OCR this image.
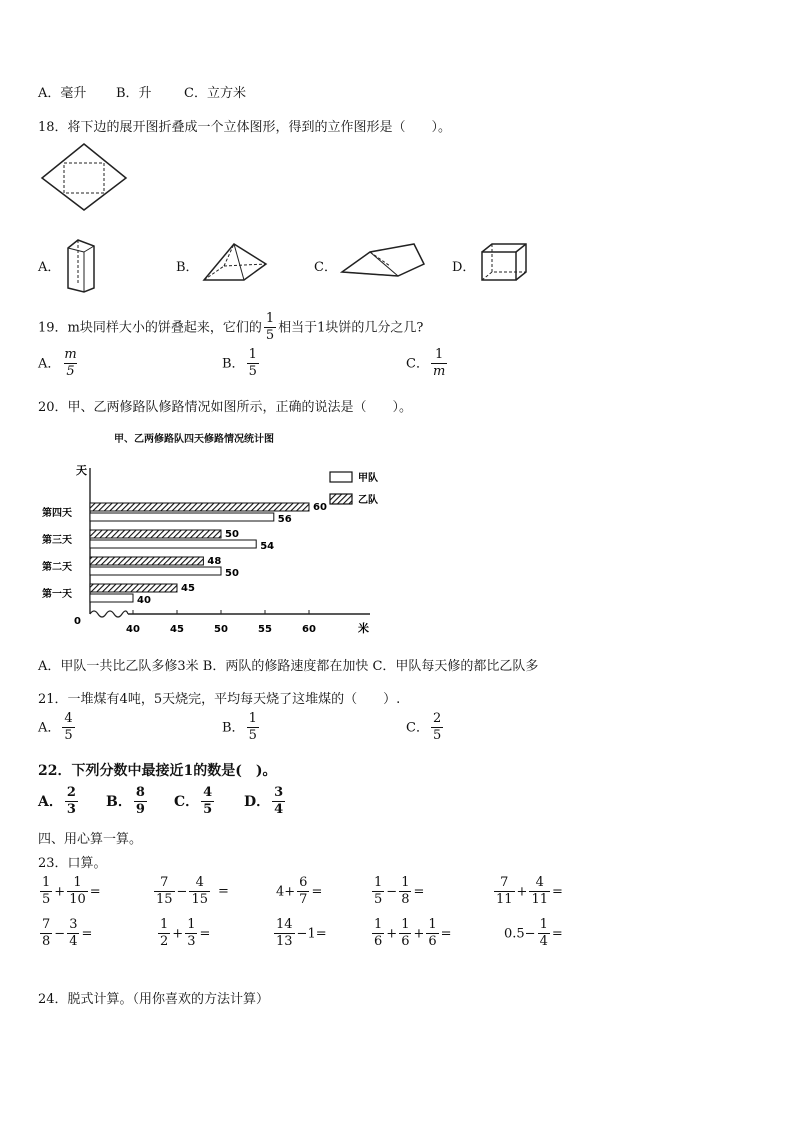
A．毫升 B．升 C．立方米
18．将下边的展开图折叠成一个立体图形，得到的立作图形是（　　）。
A．	B．	C．	D．
19．m块同样大小的饼叠起来，它们的 $\frac{1}{5}$ 相当于1块饼的几分之几?
A． $\frac{m}{5}$	B． $\frac{1}{5}$	C． $\frac{1}{m}$
20．甲、乙两修路队修路情况如图所示，正确的说法是（　　）。
甲、乙两修路队四天修路情况统计图
天
0
米
40	45	50	55	60
第一天
第二天
第三天
第四天
45
40
48
50
50
54
60
56
甲队
乙队
A．甲队一共比乙队多修3米 B．两队的修路速度都在加快 C．甲队每天修的都比乙队多
21．一堆煤有4吨，5天烧完，平均每天烧了这堆煤的（　　）.
A． $\frac{4}{5}$	B． $\frac{1}{5}$	C． $\frac{2}{5}$
22．下列分数中最接近1的数是(　)。
A． $\frac{2}{3}$ B． $\frac{8}{9}$ C． $\frac{4}{5}$ D． $\frac{3}{4}$
四、用心算一算。
23．口算。
$\frac{1}{5} + \frac{1}{10}$ =	$\frac{7}{15} - \frac{4}{15}$ =	$4+ \frac{6}{7}$ =	$\frac{1}{5} - \frac{1}{8}$ =	$\frac{7}{11} + \frac{4}{11}$ =
$\frac{7}{8} - \frac{3}{4}$ =	$\frac{1}{2} + \frac{1}{3}$ =	$\frac{14}{13} -1=$	$\frac{1}{6} + \frac{1}{6} + \frac{1}{6}$ =	$0.5- \frac{1}{4}$ =
24．脱式计算。（用你喜欢的方法计算）
